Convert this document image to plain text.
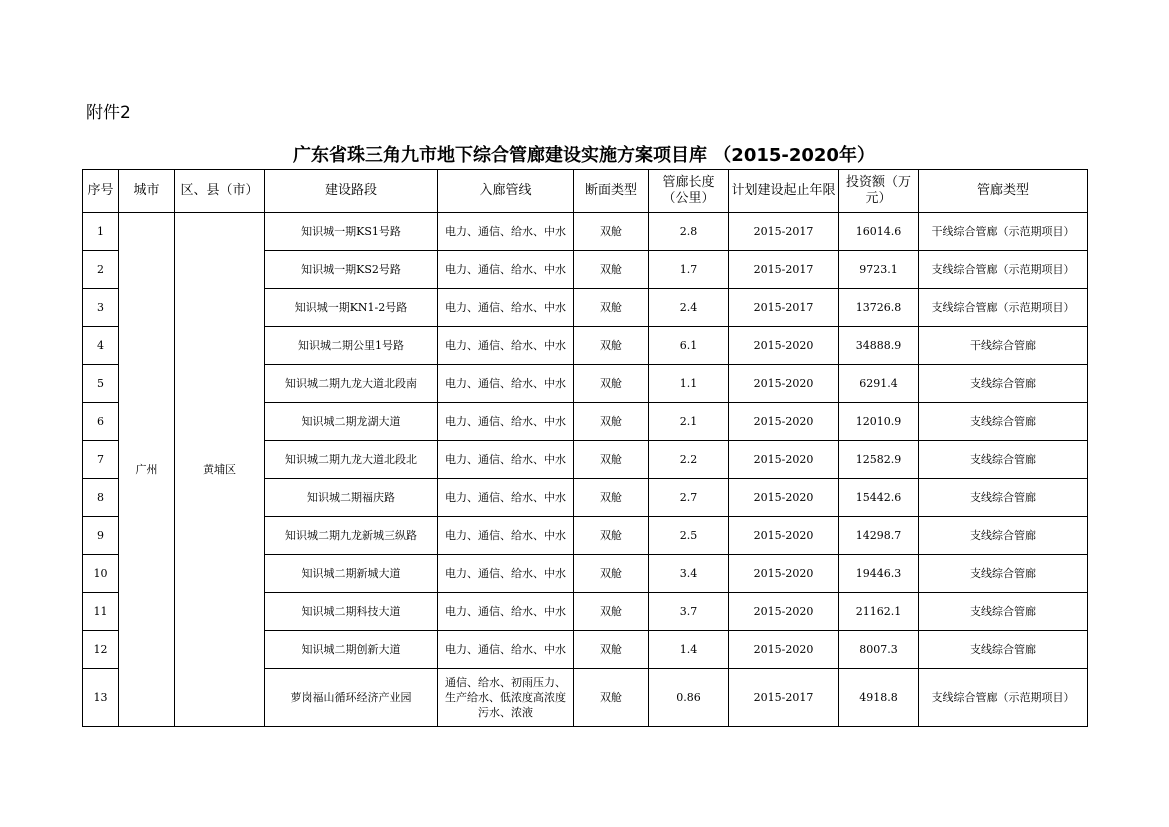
附件2
广东省珠三角九市地下综合管廊建设实施方案项目库 （2015-2020年）
序号	城市	区、县（市）	建设路段	入廊管线	断面类型	管廊长度（公里）	计划建设起止年限	投资额（万元）	管廊类型
1	广州	黄埔区	知识城一期KS1号路	电力、通信、给水、中水	双舱	2.8	2015-2017	16014.6	干线综合管廊（示范期项目）
2			知识城一期KS2号路	电力、通信、给水、中水	双舱	1.7	2015-2017	9723.1	支线综合管廊（示范期项目）
3			知识城一期KN1-2号路	电力、通信、给水、中水	双舱	2.4	2015-2017	13726.8	支线综合管廊（示范期项目）
4			知识城二期公里1号路	电力、通信、给水、中水	双舱	6.1	2015-2020	34888.9	干线综合管廊
5			知识城二期九龙大道北段南	电力、通信、给水、中水	双舱	1.1	2015-2020	6291.4	支线综合管廊
6			知识城二期龙湖大道	电力、通信、给水、中水	双舱	2.1	2015-2020	12010.9	支线综合管廊
7			知识城二期九龙大道北段北	电力、通信、给水、中水	双舱	2.2	2015-2020	12582.9	支线综合管廊
8			知识城二期福庆路	电力、通信、给水、中水	双舱	2.7	2015-2020	15442.6	支线综合管廊
9			知识城二期九龙新城三纵路	电力、通信、给水、中水	双舱	2.5	2015-2020	14298.7	支线综合管廊
10			知识城二期新城大道	电力、通信、给水、中水	双舱	3.4	2015-2020	19446.3	支线综合管廊
11			知识城二期科技大道	电力、通信、给水、中水	双舱	3.7	2015-2020	21162.1	支线综合管廊
12			知识城二期创新大道	电力、通信、给水、中水	双舱	1.4	2015-2020	8007.3	支线综合管廊
13			萝岗福山循环经济产业园	通信、给水、初雨压力、生产给水、低浓度高浓度污水、浓液	双舱	0.86	2015-2017	4918.8	支线综合管廊（示范期项目）
